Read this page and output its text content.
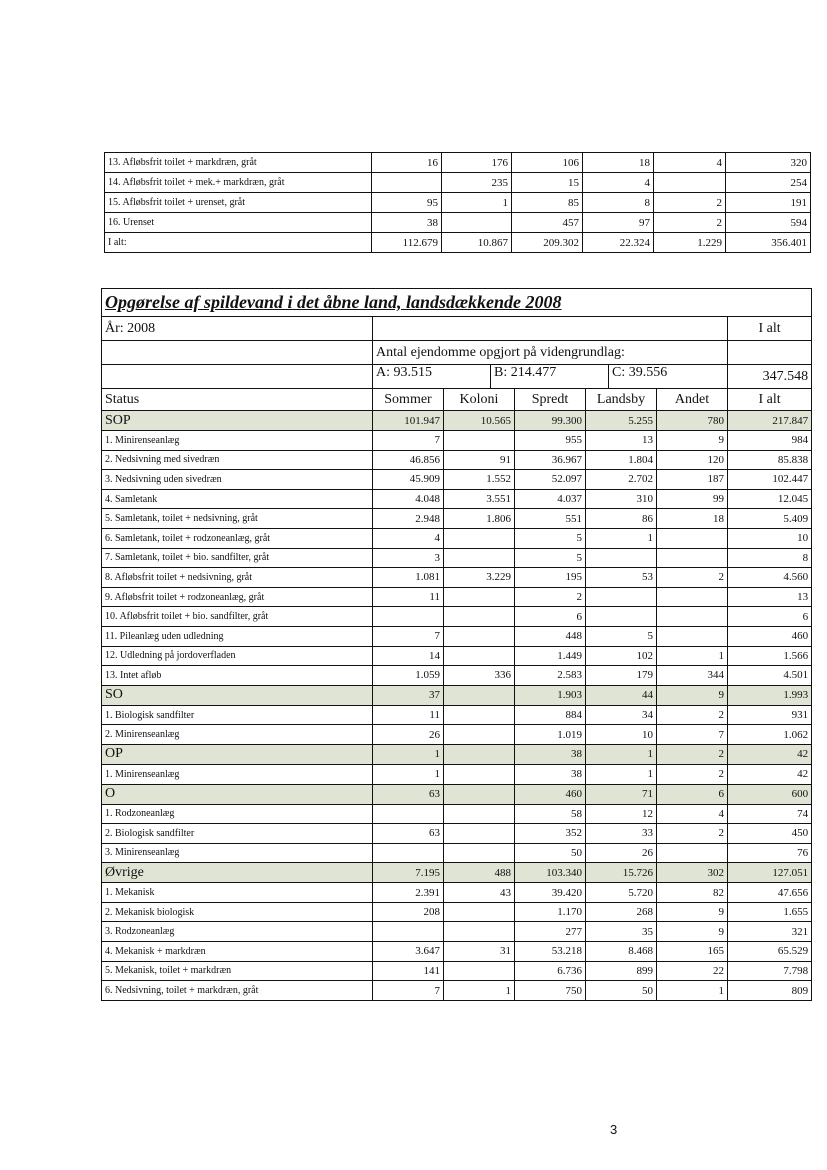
13. Afløbsfrit toilet + markdræn, gråt	16	176	106	18	4	320
14. Afløbsfrit toilet + mek.+ markdræn, gråt		235	15	4		254
15. Afløbsfrit toilet + urenset, gråt	95	1	85	8	2	191
16. Urenset	38		457	97	2	594
I alt:	112.679	10.867	209.302	22.324	1.229	356.401
Opgørelse af spildevand i det åbne land, landsdækkende 2008						
År: 2008						I alt
	Antal ejendomme opgjort på videngrundlag:					

	A: 93.515 B: 214.477 C: 39.556					347.548
Status	Sommer	Koloni	Spredt	Landsby	Andet	I alt
SOP	101.947	10.565	99.300	5.255	780	217.847
1. Minirenseanlæg	7		955	13	9	984
2. Nedsivning med sivedræn	46.856	91	36.967	1.804	120	85.838
3. Nedsivning uden sivedræn	45.909	1.552	52.097	2.702	187	102.447
4. Samletank	4.048	3.551	4.037	310	99	12.045
5. Samletank, toilet + nedsivning, gråt	2.948	1.806	551	86	18	5.409
6. Samletank, toilet + rodzoneanlæg, gråt	4		5	1		10
7. Samletank, toilet + bio. sandfilter, gråt	3		5			8
8. Afløbsfrit toilet + nedsivning, gråt	1.081	3.229	195	53	2	4.560
9. Afløbsfrit toilet + rodzoneanlæg, gråt	11		2			13
10. Afløbsfrit toilet + bio. sandfilter, gråt			6			6
11. Pileanlæg uden udledning	7		448	5		460
12. Udledning på jordoverfladen	14		1.449	102	1	1.566
13. Intet afløb	1.059	336	2.583	179	344	4.501
SO	37		1.903	44	9	1.993
1. Biologisk sandfilter	11		884	34	2	931
2. Minirenseanlæg	26		1.019	10	7	1.062
OP	1		38	1	2	42
1. Minirenseanlæg	1		38	1	2	42
O	63		460	71	6	600
1. Rodzoneanlæg			58	12	4	74
2. Biologisk sandfilter	63		352	33	2	450
3. Minirenseanlæg			50	26		76
Øvrige	7.195	488	103.340	15.726	302	127.051
1. Mekanisk	2.391	43	39.420	5.720	82	47.656
2. Mekanisk biologisk	208		1.170	268	9	1.655
3. Rodzoneanlæg			277	35	9	321
4. Mekanisk + markdræn	3.647	31	53.218	8.468	165	65.529
5. Mekanisk, toilet + markdræn	141		6.736	899	22	7.798
6. Nedsivning, toilet + markdræn, gråt	7	1	750	50	1	809
3
